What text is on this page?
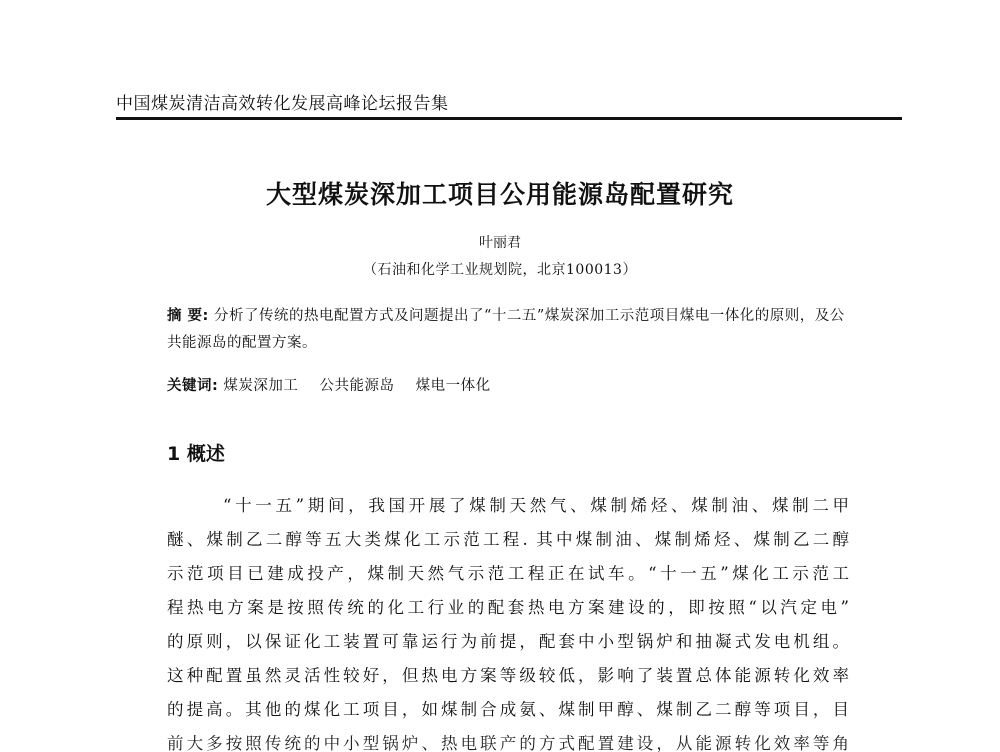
中国煤炭清洁高效转化发展高峰论坛报告集
大型煤炭深加工项目公用能源岛配置研究
叶丽君
（石油和化学工业规划院，北京100013）
摘 要: 分析了传统的热电配置方式及问题提出了“十二五”煤炭深加工示范项目煤电一体化的原则，及公共能源岛的配置方案。
关键词: 煤炭深加工 公共能源岛 煤电一体化
1 概述
“十一五”期间，我国开展了煤制天然气、煤制烯烃、煤制油、煤制二甲
醚、煤制乙二醇等五大类煤化工示范工程. 其中煤制油、煤制烯烃、煤制乙二醇
示范项目已建成投产，煤制天然气示范工程正在试车。“十一五”煤化工示范工
程热电方案是按照传统的化工行业的配套热电方案建设的，即按照“以汽定电”
的原则，以保证化工装置可靠运行为前提，配套中小型锅炉和抽凝式发电机组。
这种配置虽然灵活性较好，但热电方案等级较低，影响了装置总体能源转化效率
的提高。其他的煤化工项目，如煤制合成氨、煤制甲醇、煤制乙二醇等项目，目
前大多按照传统的中小型锅炉、热电联产的方式配置建设，从能源转化效率等角
